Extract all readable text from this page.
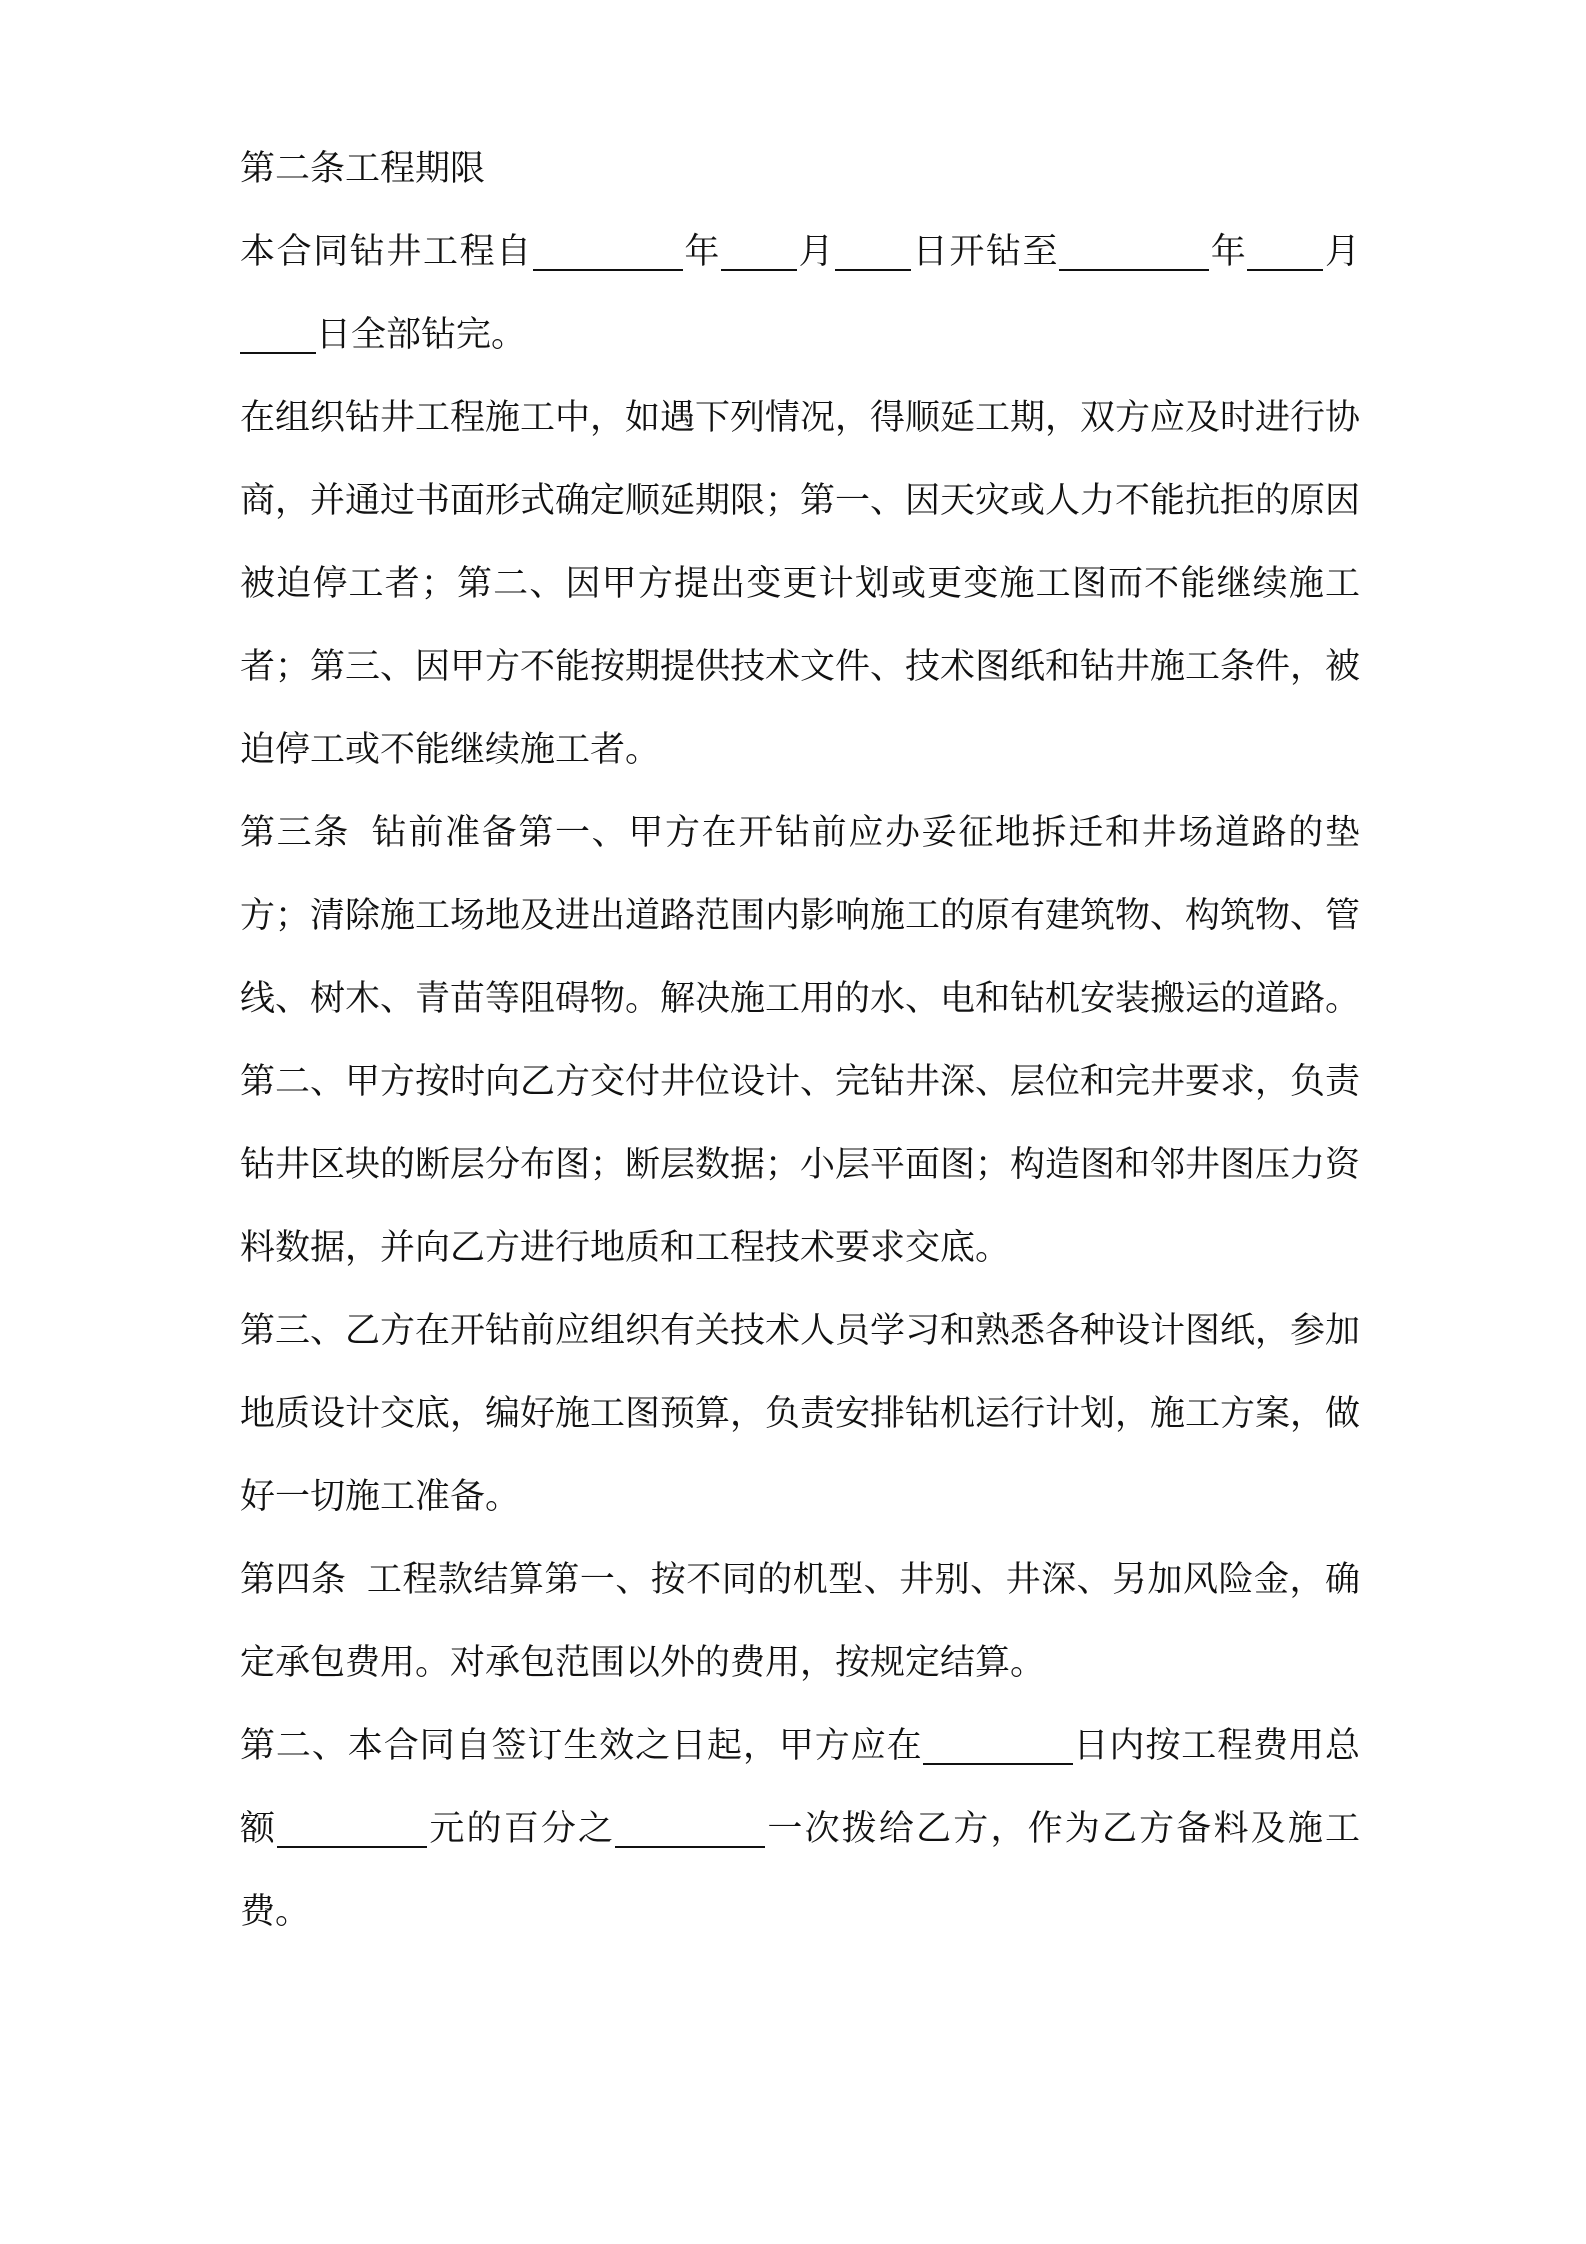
第二条工程期限

本合同钻井工程自	年 月 日开钻至	年 月日全部钻完。

在组织钻井工程施工中，如遇下列情况，得顺延工期，双方应及时进行协商，并通过书面形式确定顺延期限；第一、因天灾或人力不能抗拒的原因被迫停工者；第二、因甲方提出变更计划或更变施工图而不能继续施工者；第三、因甲方不能按期提供技术文件、技术图纸和钻井施工条件，被迫停工或不能继续施工者。

第三条 钻前准备第一、甲方在开钻前应办妥征地拆迁和井场道路的垫方；清除施工场地及进出道路范围内影响施工的原有建筑物、构筑物、管线、树木、青苗等阻碍物。解决施工用的水、电和钻机安装搬运的道路。

第二、甲方按时向乙方交付井位设计、完钻井深、层位和完井要求，负责钻井区块的断层分布图；断层数据；小层平面图；构造图和邻井图压力资料数据，并向乙方进行地质和工程技术要求交底。

第三、乙方在开钻前应组织有关技术人员学习和熟悉各种设计图纸，参加地质设计交底，编好施工图预算，负责安排钻机运行计划，施工方案，做好一切施工准备。

第四条 工程款结算第一、按不同的机型、井别、井深、另加风险金，确定承包费用。对承包范围以外的费用，按规定结算。

第二、本合同自签订生效之日起，甲方应在	日内按工程费用总额	元的百分之	一次拨给乙方，作为乙方备料及施工费。
